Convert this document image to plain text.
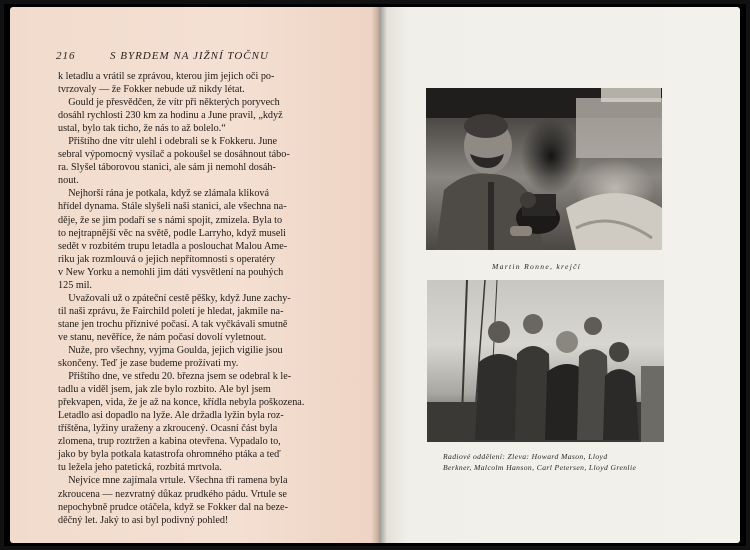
216	S BYRDEM NA JIŽNÍ TOČNU
k letadlu a vrátil se zprávou, kterou jim jejich oči po-
tvrzovaly — že Fokker nebude už nikdy létat.
Gould je přesvědčen, že vítr při některých poryvech
dosáhl rychlosti 230 km za hodinu a June pravil, „když
ustal, bylo tak ticho, že nás to až bolelo.“
Přištího dne vítr ulehl i odebrali se k Fokkeru. June
sebral výpomocný vysílač a pokoušel se dosáhnout tábo-
ra. Slyšel táborovou stanici, ale sám ji nemohl dosáh-
nout.
Nejhorší rána je potkala, když se zlámala kliková
hřídel dynama. Stále slyšeli naši stanici, ale všechna na-
děje, že se jim podaří se s námi spojit, zmizela. Byla to
to nejtrapnější věc na světě, podle Larryho, když museli
sedět v rozbitém trupu letadla a poslouchat Malou Ame-
riku jak rozmlouvá o jejich nepřítomnosti s operatéry
v New Yorku a nemohli jim dáti vysvětlení na pouhých
125 mil.
Uvažovali už o zpáteční cestě pěšky, když June zachy-
til naši zprávu, že Fairchild poletí je hledat, jakmile na-
stane jen trochu příznivé počasí. A tak vyčkávali smutně
ve stanu, nevěříce, že nám počasí dovolí vyletnout.
Nuže, pro všechny, vyjma Goulda, jejich vigilie jsou
skončeny. Teď je zase budeme prožívati my.
Přištího dne, ve středu 20. března jsem se odebral k le-
tadlu a viděl jsem, jak zle bylo rozbito. Ale byl jsem
překvapen, vida, že je až na konce, křídla nebyla poškozena.
Letadlo asi dopadlo na lyže. Ale držadla lyžin byla roz-
tříštěna, lyžiny uraženy a zkroucený. Ocasní část byla
zlomena, trup roztržen a kabina otevřena. Vypadalo to,
jako by byla potkala katastrofa ohromného ptáka a teď
tu ležela jeho patetická, rozbitá mrtvola.
Nejvíce mne zajímala vrtule. Všechna tři ramena byla
zkroucena — nezvratný důkaz prudkého pádu. Vrtule se
nepochybně prudce otáčela, když se Fokker dal na beze-
děčný let. Jaký to asi byl podivný pohled!
Martin Ronne, krejčí
Radiové oddělení: Zleva: Howard Mason, Lloyd
Berkner, Malcolm Hanson, Carl Petersen, Lloyd Grenlie
